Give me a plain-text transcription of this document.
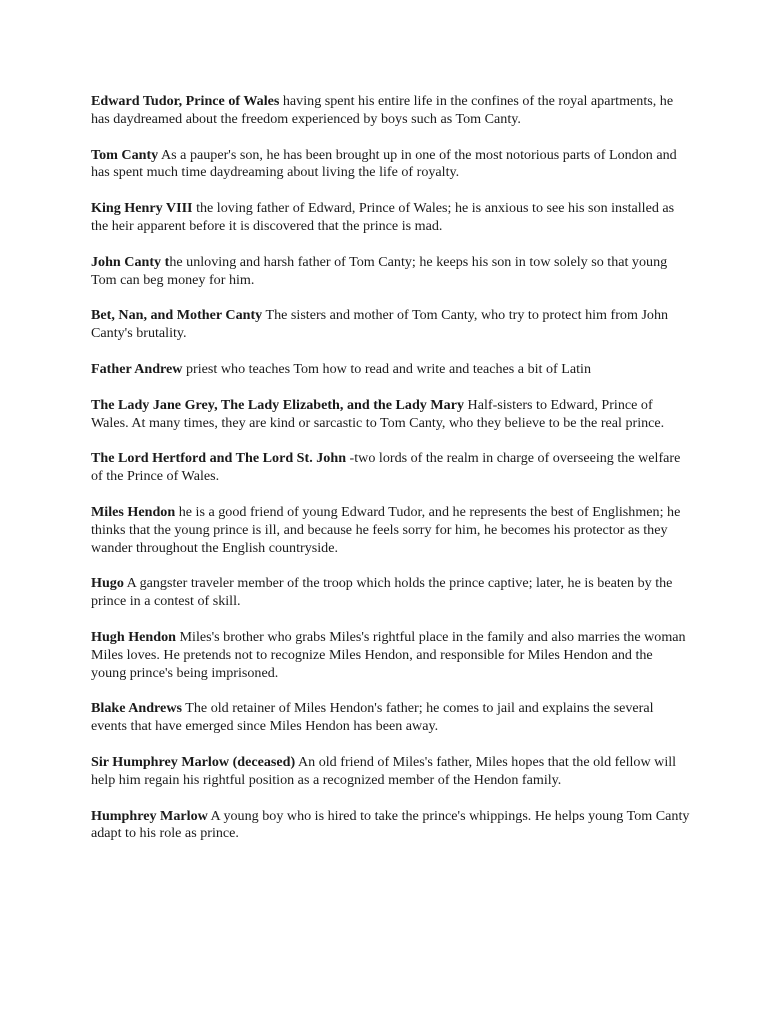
Edward Tudor, Prince of Wales having spent his entire life in the confines of the royal apartments, he has daydreamed about the freedom experienced by boys such as Tom Canty.

Tom Canty As a pauper's son, he has been brought up in one of the most notorious parts of London and has spent much time daydreaming about living the life of royalty.

King Henry VIII the loving father of Edward, Prince of Wales; he is anxious to see his son installed as the heir apparent before it is discovered that the prince is mad.

John Canty the unloving and harsh father of Tom Canty; he keeps his son in tow solely so that young Tom can beg money for him.

Bet, Nan, and Mother Canty The sisters and mother of Tom Canty, who try to protect him from John Canty's brutality.

Father Andrew priest who teaches Tom how to read and write and teaches a bit of Latin

The Lady Jane Grey, The Lady Elizabeth, and the Lady Mary Half-sisters to Edward, Prince of Wales. At many times, they are kind or sarcastic to Tom Canty, who they believe to be the real prince.

The Lord Hertford and The Lord St. John -two lords of the realm in charge of overseeing the welfare of the Prince of Wales.

Miles Hendon he is a good friend of young Edward Tudor, and he represents the best of Englishmen; he thinks that the young prince is ill, and because he feels sorry for him, he becomes his protector as they wander throughout the English countryside.

Hugo A gangster traveler member of the troop which holds the prince captive; later, he is beaten by the prince in a contest of skill.

Hugh Hendon Miles's brother who grabs Miles's rightful place in the family and also marries the woman Miles loves. He pretends not to recognize Miles Hendon, and responsible for Miles Hendon and the young prince's being imprisoned.

Blake Andrews The old retainer of Miles Hendon's father; he comes to jail and explains the several events that have emerged since Miles Hendon has been away.

Sir Humphrey Marlow (deceased) An old friend of Miles's father, Miles hopes that the old fellow will help him regain his rightful position as a recognized member of the Hendon family.

Humphrey Marlow A young boy who is hired to take the prince's whippings. He helps young Tom Canty adapt to his role as prince.
